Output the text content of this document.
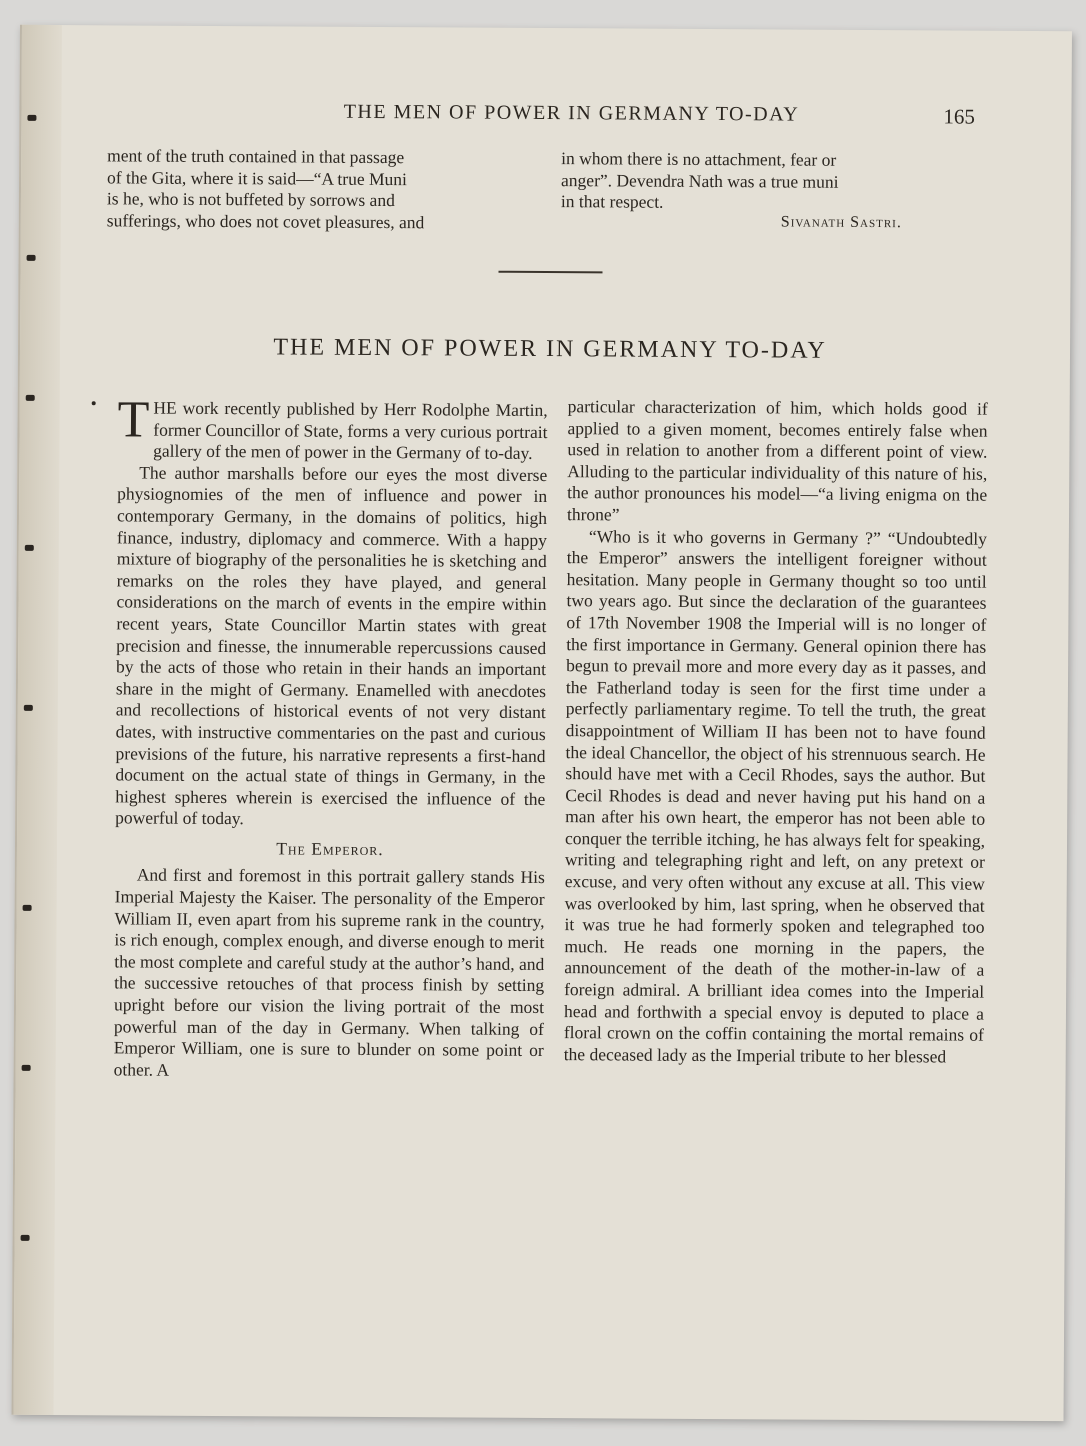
THE MEN OF POWER IN GERMANY TO-DAY	165

ment of the truth contained in that passage

of the Gita, where it is said—“A true Muni

is he, who is not buffeted by sorrows and

sufferings, who does not covet pleasures, and

in whom there is no attachment, fear or

anger”. Devendra Nath was a true muni

in that respect.

Sivanath Sastri.
THE MEN OF POWER IN GERMANY TO-DAY

THE work recently published by Herr Rodolphe Martin, former Councillor of State, forms a very curious portrait gallery of the men of power in the Germany of to-day.

The author marshalls before our eyes the most diverse physiognomies of the men of influence and power in contemporary Germany, in the domains of politics, high finance, industry, diplomacy and commerce. With a happy mixture of biography of the personalities he is sketching and remarks on the roles they have played, and general considerations on the march of events in the empire within recent years, State Councillor Martin states with great precision and finesse, the innumerable repercussions caused by the acts of those who retain in their hands an important share in the might of Germany. Enamelled with anecdotes and recollections of historical events of not very distant dates, with instructive commentaries on the past and curious previsions of the future, his narrative represents a first-hand document on the actual state of things in Germany, in the highest spheres wherein is exercised the influence of the powerful of today.

The Emperor.

And first and foremost in this portrait gallery stands His Imperial Majesty the Kaiser. The personality of the Emperor William II, even apart from his supreme rank in the country, is rich enough, complex enough, and diverse enough to merit the most complete and careful study at the author’s hand, and the successive retouches of that process finish by setting upright before our vision the living portrait of the most powerful man of the day in Germany. When talking of Emperor William, one is sure to blunder on some point or other. A

particular characterization of him, which holds good if applied to a given moment, becomes entirely false when used in relation to another from a different point of view. Alluding to the particular individuality of this nature of his, the author pronounces his model—“a living enigma on the throne”

“Who is it who governs in Germany ?” “Undoubtedly the Emperor” answers the intelligent foreigner without hesitation. Many people in Germany thought so too until two years ago. But since the declaration of the guarantees of 17th November 1908 the Imperial will is no longer of the first importance in Germany. General opinion there has begun to prevail more and more every day as it passes, and the Fatherland today is seen for the first time under a perfectly parliamentary regime. To tell the truth, the great disappointment of William II has been not to have found the ideal Chancellor, the object of his strennuous search. He should have met with a Cecil Rhodes, says the author. But Cecil Rhodes is dead and never having put his hand on a man after his own heart, the emperor has not been able to conquer the terrible itching, he has always felt for speaking, writing and telegraphing right and left, on any pretext or excuse, and very often without any excuse at all. This view was overlooked by him, last spring, when he observed that it was true he had formerly spoken and telegraphed too much. He reads one morning in the papers, the announcement of the death of the mother-in-law of a foreign admiral. A brilliant idea comes into the Imperial head and forthwith a special envoy is deputed to place a floral crown on the coffin containing the mortal remains of the deceased lady as the Imperial tribute to her blessed
